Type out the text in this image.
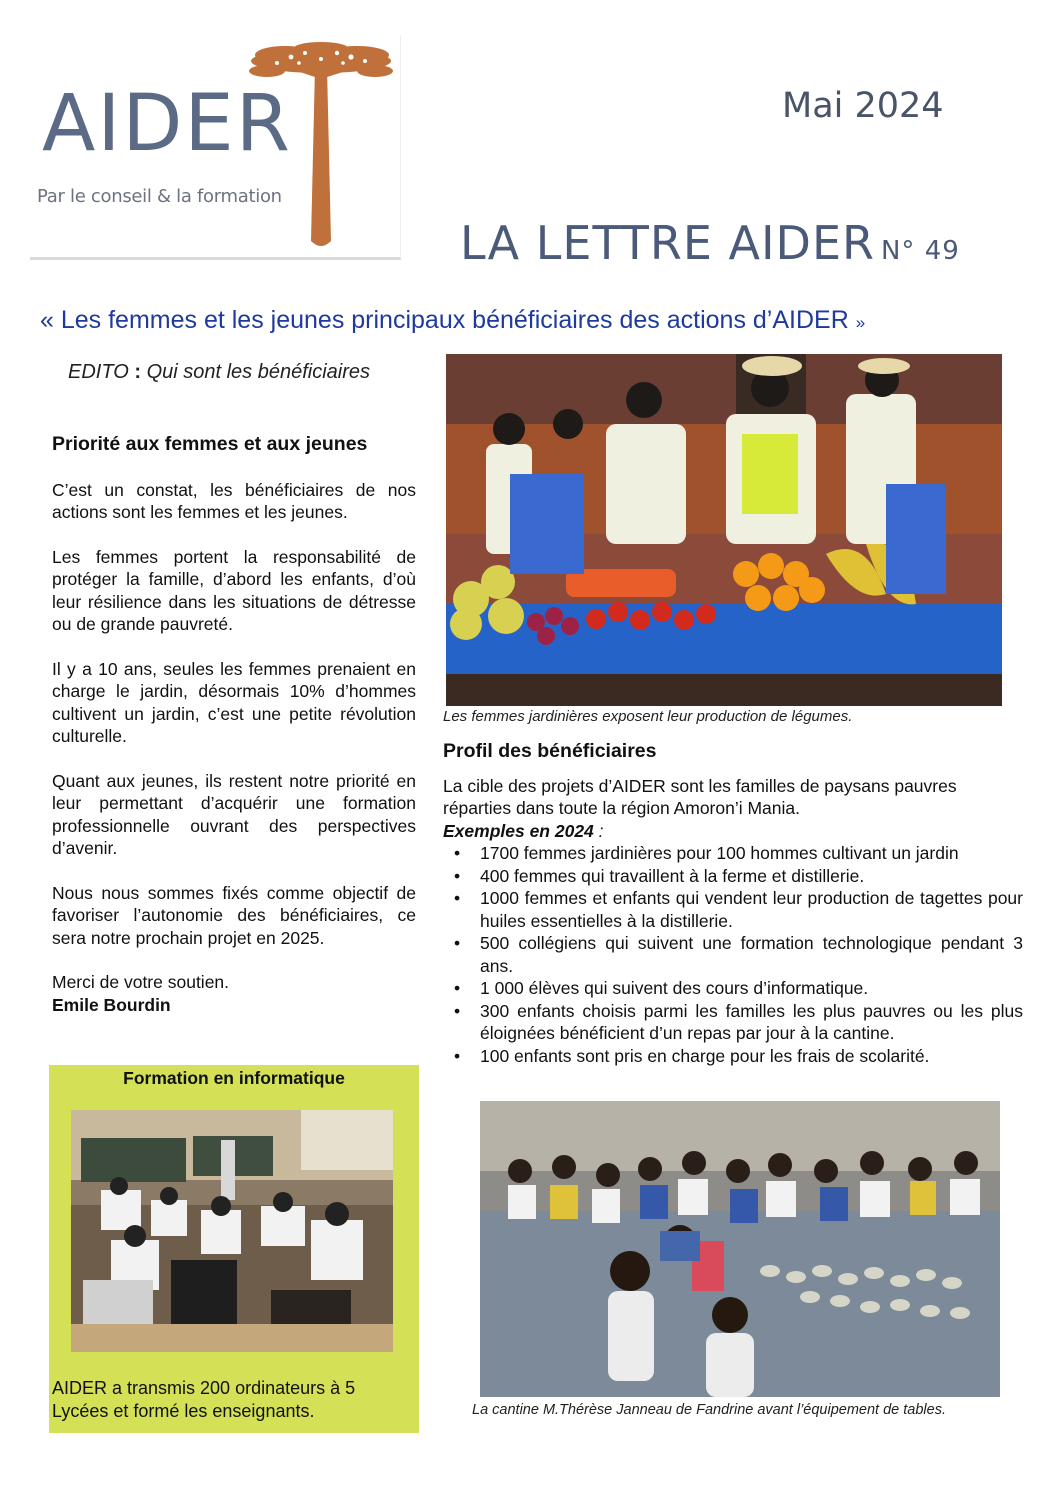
AIDER
Par le conseil & la formation
Mai 2024
LA LETTRE AIDER N° 49
« Les femmes et les jeunes principaux bénéficiaires des actions d’AIDER »
EDITO : Qui sont les bénéficiaires
Priorité aux femmes et aux jeunes

C’est un constat, les bénéficiaires de nos actions sont les femmes et les jeunes.

Les femmes portent la responsabilité de protéger la famille, d’abord les enfants, d’où leur résilience dans les situations de détresse ou de grande pauvreté.

Il y a 10 ans, seules les femmes prenaient en charge le jardin, désormais 10% d’hommes cultivent un jardin, c’est une petite révolution culturelle.

Quant aux jeunes, ils restent notre priorité en leur permettant d’acquérir une formation professionnelle ouvrant des perspectives d’avenir.

Nous nous sommes fixés comme objectif de favoriser l’autonomie des bénéficiaires, ce sera notre prochain projet en 2025.

Merci de votre soutien.

Emile Bourdin

Formation en informatique
AIDER a transmis 200 ordinateurs à 5 Lycées et formé les enseignants.
Les femmes jardinières exposent leur production de légumes.
Profil des bénéficiaires

La cible des projets d’AIDER sont les familles de paysans pauvres réparties dans toute la région Amoron’i Mania.

Exemples en 2024 :

• 1700 femmes jardinières pour 100 hommes cultivant un jardin
• 400 femmes qui travaillent à la ferme et distillerie.
• 1000 femmes et enfants qui vendent leur production de tagettes pour huiles essentielles à la distillerie.
• 500 collégiens qui suivent une formation technologique pendant 3 ans.
• 1 000 élèves qui suivent des cours d’informatique.
• 300 enfants choisis parmi les familles les plus pauvres ou les plus éloignées bénéficient d’un repas par jour à la cantine.
• 100 enfants sont pris en charge pour les frais de scolarité.
La cantine M.Thérèse Janneau de Fandrine avant l’équipement de tables.
